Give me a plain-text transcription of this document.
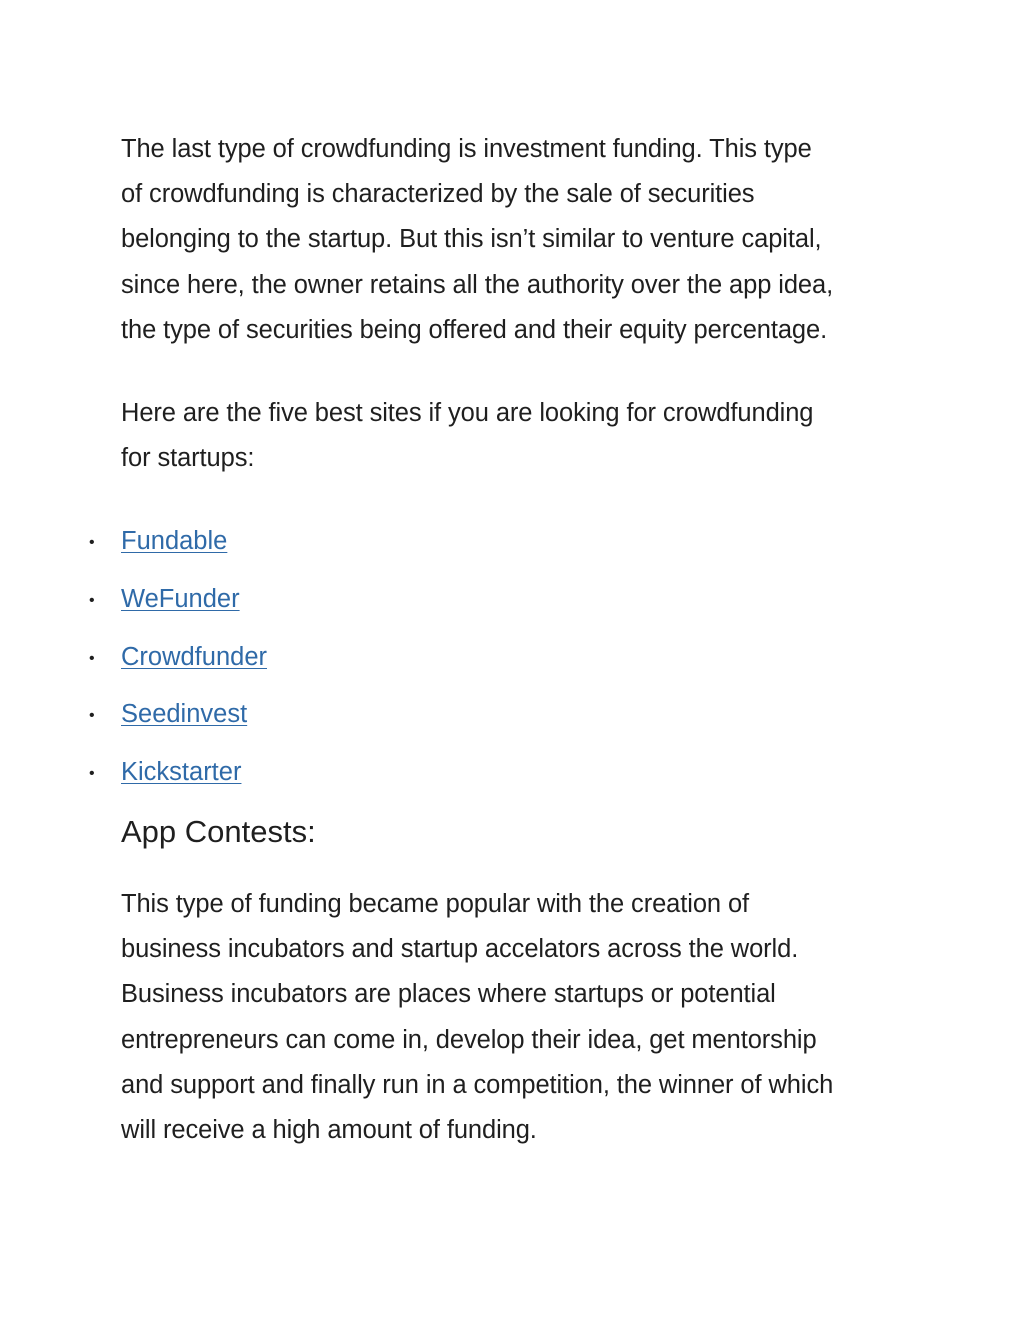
The last type of crowdfunding is investment funding. This type
of crowdfunding is characterized by the sale of securities
belonging to the startup. But this isn’t similar to venture capital,
since here, the owner retains all the authority over the app idea,
the type of securities being offered and their equity percentage.

Here are the five best sites if you are looking for crowdfunding
for startups:

• Fundable
• WeFunder
• Crowdfunder
• Seedinvest
• Kickstarter
App Contests:

This type of funding became popular with the creation of
business incubators and startup accelators across the world.
Business incubators are places where startups or potential
entrepreneurs can come in, develop their idea, get mentorship
and support and finally run in a competition, the winner of which
will receive a high amount of funding.
